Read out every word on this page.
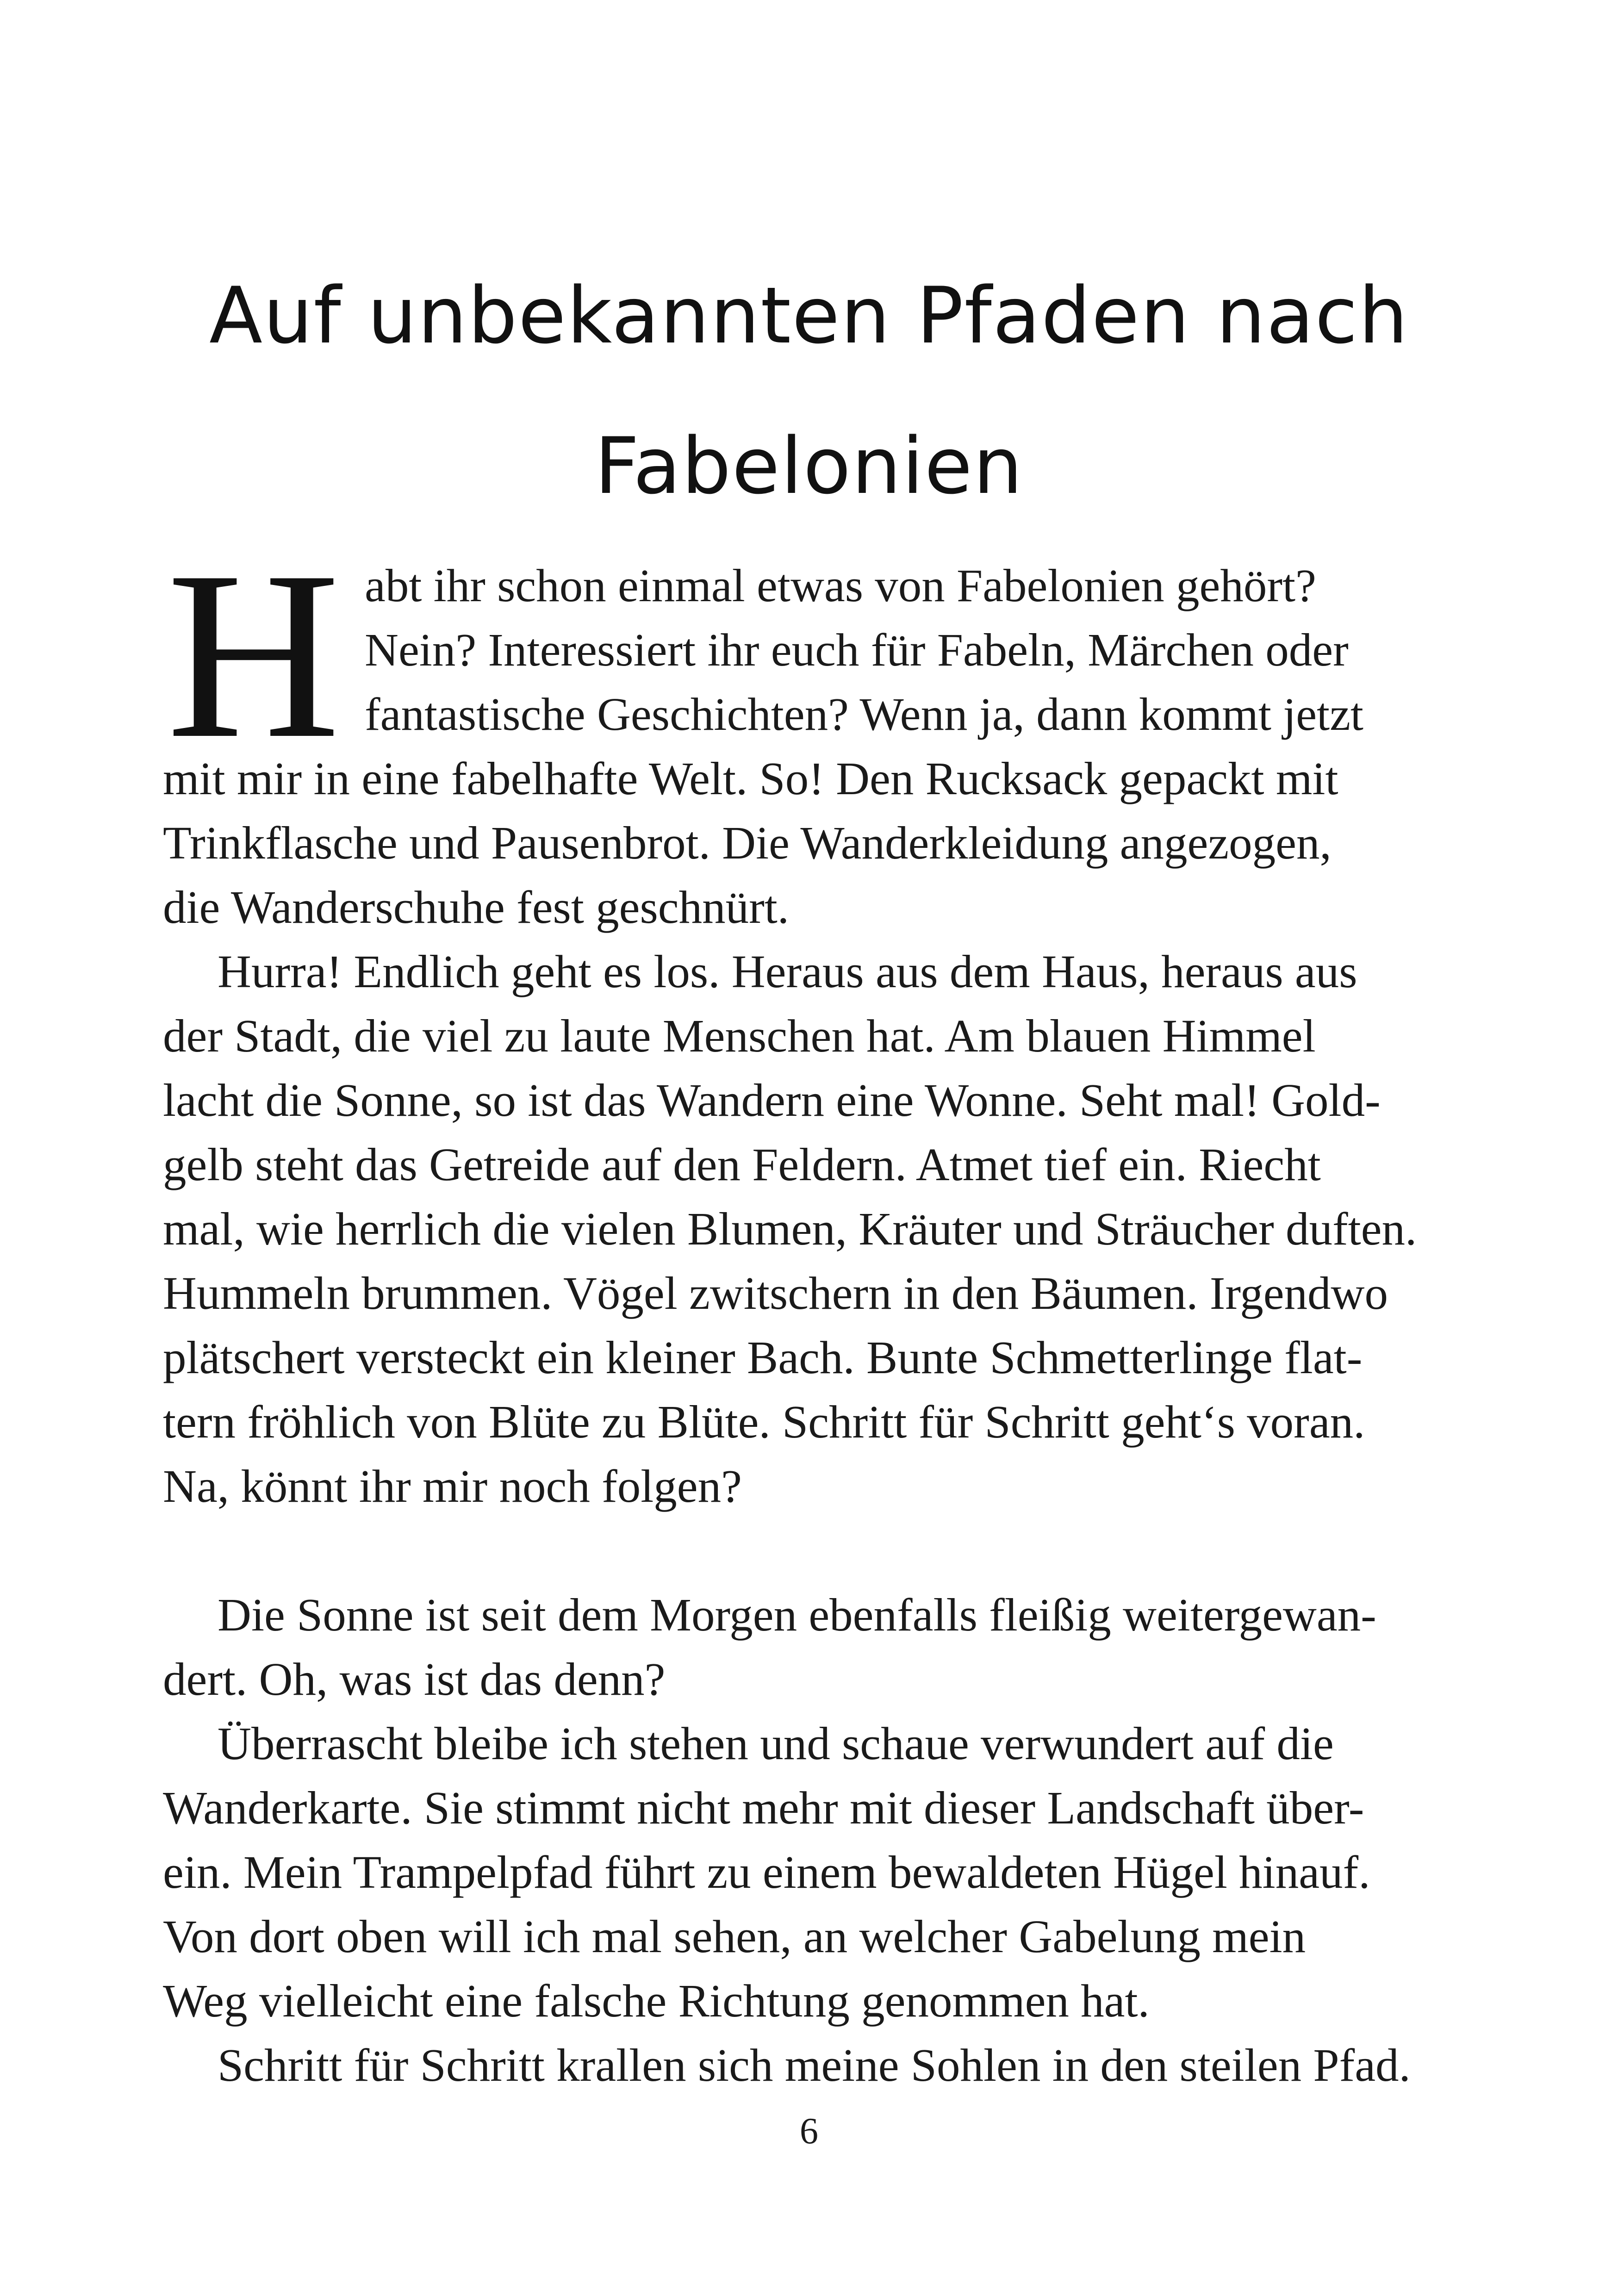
Auf unbekannten Pfaden nach
Fabelonien
H abt ihr schon einmal etwas von Fabelonien gehört?
Nein? Interessiert ihr euch für Fabeln, Märchen oder
fantastische Geschichten? Wenn ja, dann kommt jetzt
mit mir in eine fabelhafte Welt. So! Den Rucksack gepackt mit
Trinkflasche und Pausenbrot. Die Wanderkleidung angezogen,
die Wanderschuhe fest geschnürt.
Hurra! Endlich geht es los. Heraus aus dem Haus, heraus aus
der Stadt, die viel zu laute Menschen hat. Am blauen Himmel
lacht die Sonne, so ist das Wandern eine Wonne. Seht mal! Gold-
gelb steht das Getreide auf den Feldern. Atmet tief ein. Riecht
mal, wie herrlich die vielen Blumen, Kräuter und Sträucher duften.
Hummeln brummen. Vögel zwitschern in den Bäumen. Irgendwo
plätschert versteckt ein kleiner Bach. Bunte Schmetterlinge flat-
tern fröhlich von Blüte zu Blüte. Schritt für Schritt geht‘s voran.
Na, könnt ihr mir noch folgen?
Die Sonne ist seit dem Morgen ebenfalls fleißig weitergewan-
dert. Oh, was ist das denn?
Überrascht bleibe ich stehen und schaue verwundert auf die
Wanderkarte. Sie stimmt nicht mehr mit dieser Landschaft über-
ein. Mein Trampelpfad führt zu einem bewaldeten Hügel hinauf.
Von dort oben will ich mal sehen, an welcher Gabelung mein
Weg vielleicht eine falsche Richtung genommen hat.
Schritt für Schritt krallen sich meine Sohlen in den steilen Pfad.
6
